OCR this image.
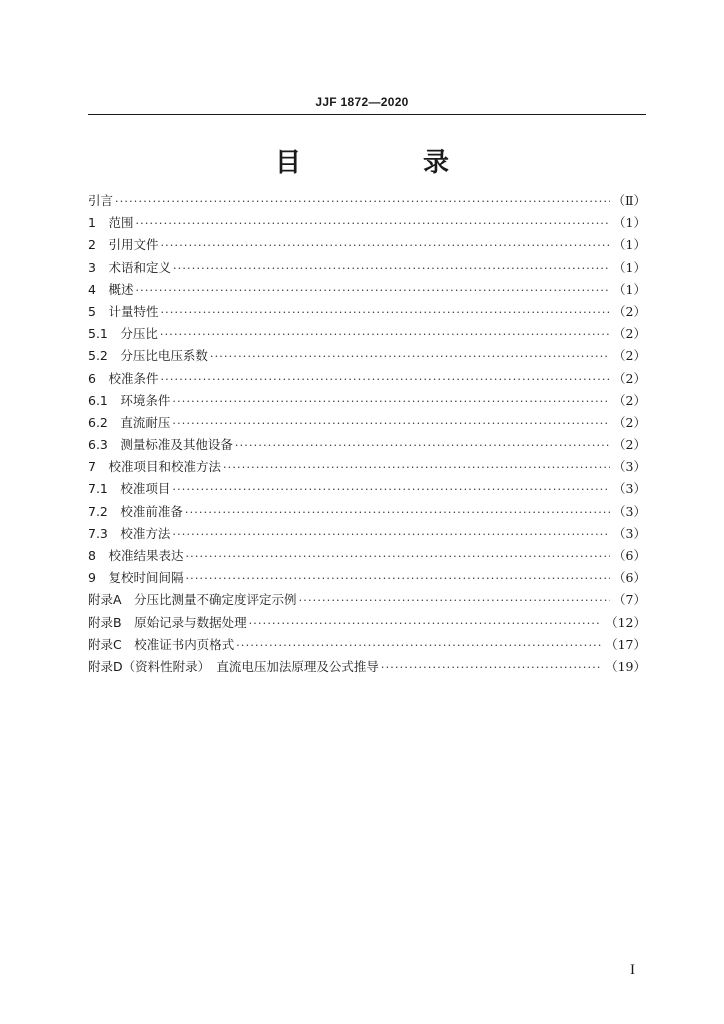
JJF 1872—2020
目　录
引言 ·····	（Ⅱ）
1　范围 ·····	（1）
2　引用文件 ·····	（1）
3　术语和定义 ·····	（1）
4　概述 ·····	（1）
5　计量特性 ·····	（2）
5.1　分压比 ·····	（2）
5.2　分压比电压系数 ·····	（2）
6　校准条件 ·····	（2）
6.1　环境条件 ·····	（2）
6.2　直流耐压 ·····	（2）
6.3　测量标准及其他设备 ·····	（2）
7　校准项目和校准方法 ·····	（3）
7.1　校准项目 ·····	（3）
7.2　校准前准备 ·····	（3）
7.3　校准方法 ·····	（3）
8　校准结果表达 ·····	（6）
9　复校时间间隔 ·····	（6）
附录A　分压比测量不确定度评定示例 ·····	（7）
附录B　原始记录与数据处理 ·····	（12）
附录C　校准证书内页格式 ·····	（17）
附录D（资料性附录）　直流电压加法原理及公式推导 ·····	（19）
I
